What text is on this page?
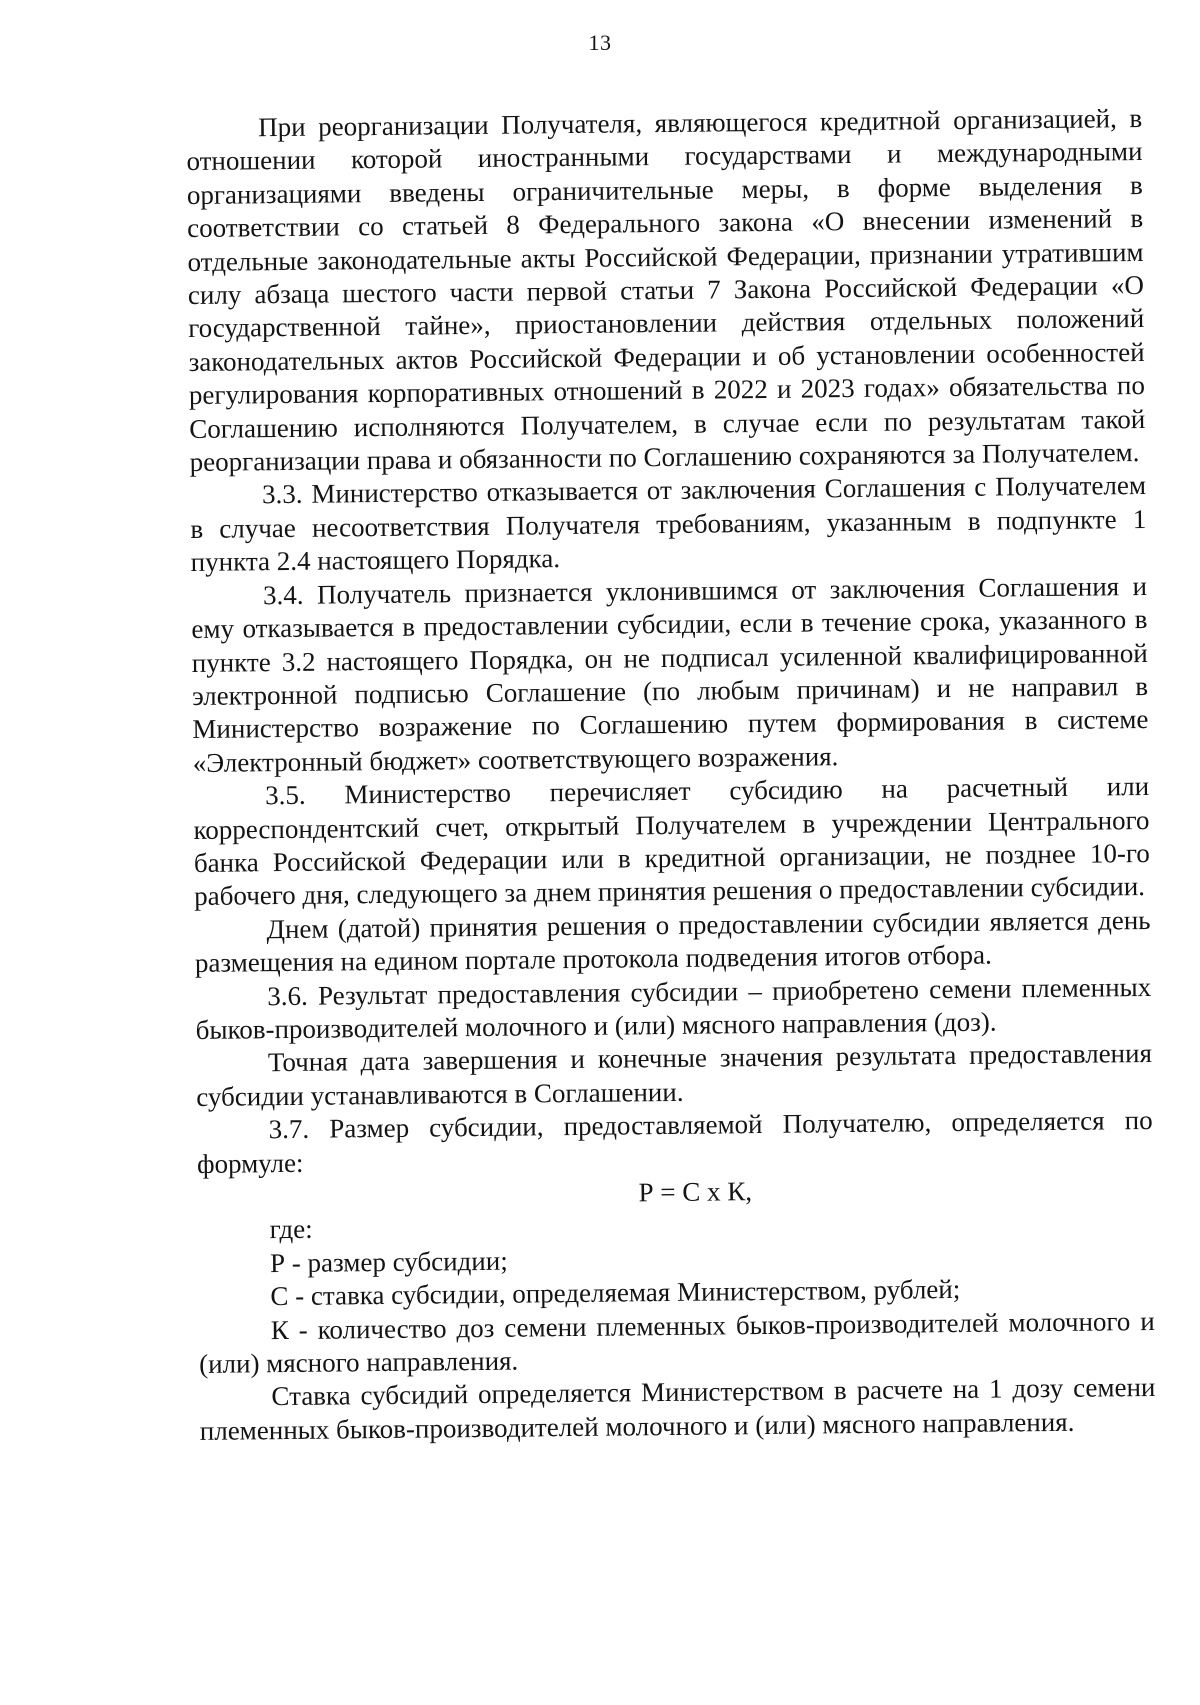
13

При реорганизации Получателя, являющегося кредитной организацией, в отношении которой иностранными государствами и международными организациями введены ограничительные меры, в форме выделения в соответствии со статьей 8 Федерального закона «О внесении изменений в отдельные законодательные акты Российской Федерации, признании утратившим силу абзаца шестого части первой статьи 7 Закона Российской Федерации «О государственной тайне», приостановлении действия отдельных положений законодательных актов Российской Федерации и об установлении особенностей регулирования корпоративных отношений в 2022 и 2023 годах» обязательства по Соглашению исполняются Получателем, в случае если по результатам такой реорганизации права и обязанности по Соглашению сохраняются за Получателем.

3.3. Министерство отказывается от заключения Соглашения с Получателем в случае несоответствия Получателя требованиям, указанным в подпункте 1 пункта 2.4 настоящего Порядка.

3.4. Получатель признается уклонившимся от заключения Соглашения и ему отказывается в предоставлении субсидии, если в течение срока, указанного в пункте 3.2 настоящего Порядка, он не подписал усиленной квалифицированной электронной подписью Соглашение (по любым причинам) и не направил в Министерство возражение по Соглашению путем формирования в системе «Электронный бюджет» соответствующего возражения.

3.5. Министерство перечисляет субсидию на расчетный или корреспондентский счет, открытый Получателем в учреждении Центрального банка Российской Федерации или в кредитной организации, не позднее 10-го рабочего дня, следующего за днем принятия решения о предоставлении субсидии.

Днем (датой) принятия решения о предоставлении субсидии является день размещения на едином портале протокола подведения итогов отбора.

3.6. Результат предоставления субсидии – приобретено семени племенных быков-производителей молочного и (или) мясного направления (доз).

Точная дата завершения и конечные значения результата предоставления субсидии устанавливаются в Соглашении.

3.7. Размер субсидии, предоставляемой Получателю, определяется по формуле:

Р = С х К,

где:

Р - размер субсидии;

С - ставка субсидии, определяемая Министерством, рублей;

К - количество доз семени племенных быков-производителей молочного и (или) мясного направления.

Ставка субсидий определяется Министерством в расчете на 1 дозу семени племенных быков-производителей молочного и (или) мясного направления.
